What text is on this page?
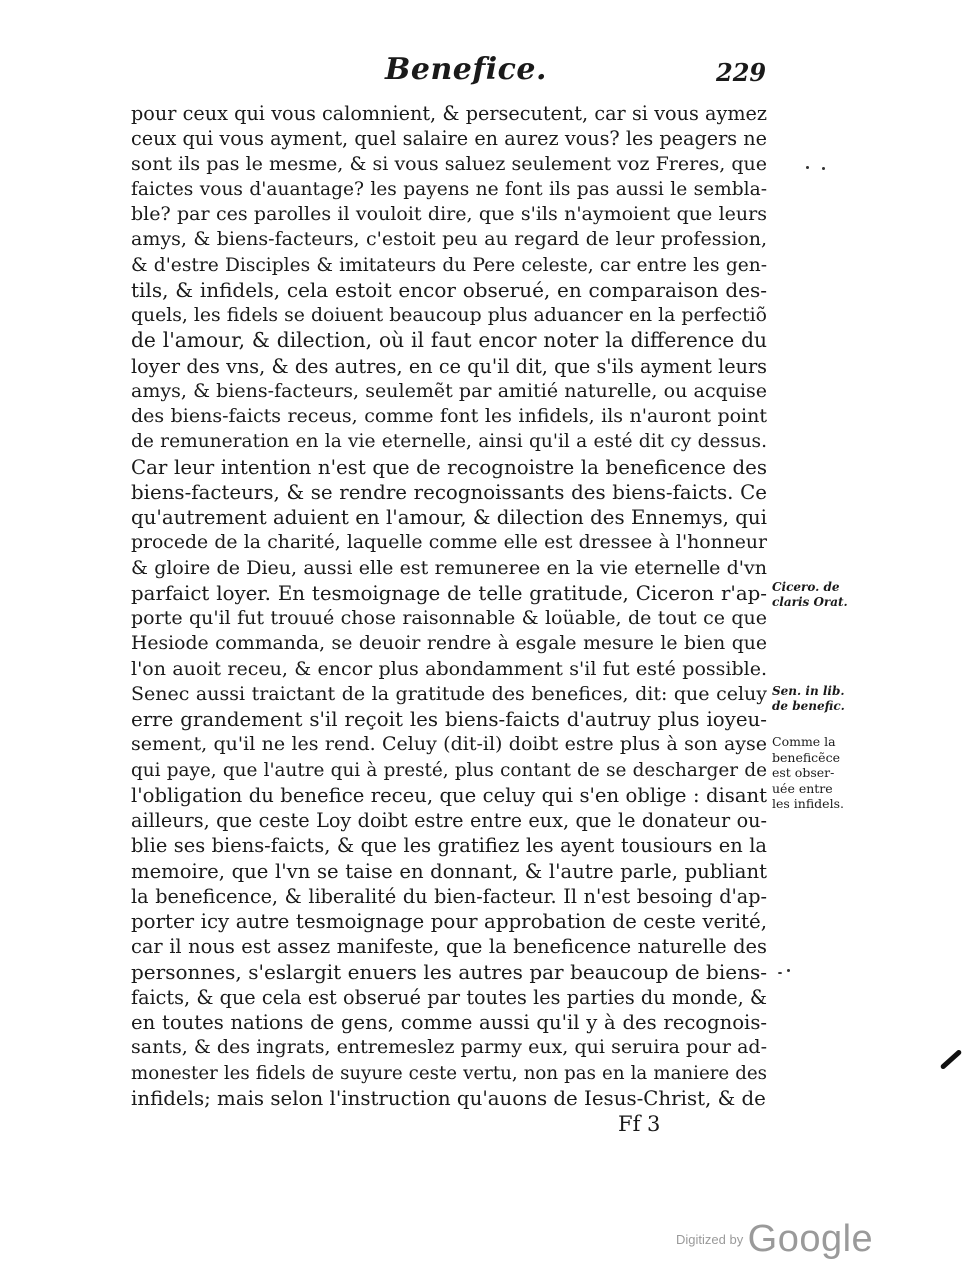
Benefice.	229
pour ceux qui vous calomnient, & persecutent, car si vous aymez
ceux qui vous ayment, quel salaire en aurez vous? les peagers ne
sont ils pas le mesme, & si vous saluez seulement voz Freres, que
faictes vous d'auantage? les payens ne font ils pas aussi le sembla-
ble? par ces parolles il vouloit dire, que s'ils n'aymoient que leurs
amys, & biens-facteurs, c'estoit peu au regard de leur profession,
& d'estre Disciples & imitateurs du Pere celeste, car entre les gen-
tils, & infidels, cela estoit encor obserué, en comparaison des-
quels, les fidels se doiuent beaucoup plus aduancer en la perfectiõ
de l'amour, & dilection, où il faut encor noter la difference du
loyer des vns, & des autres, en ce qu'il dit, que s'ils ayment leurs
amys, & biens-facteurs, seulemẽt par amitié naturelle, ou acquise
des biens-faicts receus, comme font les infidels, ils n'auront point
de remuneration en la vie eternelle, ainsi qu'il a esté dit cy dessus.
Car leur intention n'est que de recognoistre la beneficence des
biens-facteurs, & se rendre recognoissants des biens-faicts. Ce
qu'autrement aduient en l'amour, & dilection des Ennemys, qui
procede de la charité, laquelle comme elle est dressee à l'honneur
& gloire de Dieu, aussi elle est remuneree en la vie eternelle d'vn
parfaict loyer. En tesmoignage de telle gratitude, Ciceron r'ap-
porte qu'il fut trouué chose raisonnable & loüable, de tout ce que
Hesiode commanda, se deuoir rendre à esgale mesure le bien que
l'on auoit receu, & encor plus abondamment s'il fut esté possible.
Senec aussi traictant de la gratitude des benefices, dit: que celuy
erre grandement s'il reçoit les biens-faicts d'autruy plus ioyeu-
sement, qu'il ne les rend. Celuy (dit-il) doibt estre plus à son ayse
qui paye, que l'autre qui à presté, plus contant de se descharger de
l'obligation du benefice receu, que celuy qui s'en oblige : disant
ailleurs, que ceste Loy doibt estre entre eux, que le donateur ou-
blie ses biens-faicts, & que les gratifiez les ayent tousiours en la
memoire, que l'vn se taise en donnant, & l'autre parle, publiant
la beneficence, & liberalité du bien-facteur. Il n'est besoing d'ap-
porter icy autre tesmoignage pour approbation de ceste verité,
car il nous est assez manifeste, que la beneficence naturelle des
personnes, s'eslargit enuers les autres par beaucoup de biens-
faicts, & que cela est obserué par toutes les parties du monde, &
en toutes nations de gens, comme aussi qu'il y à des recognois-
sants, & des ingrats, entremeslez parmy eux, qui seruira pour ad-
monester les fidels de suyure ceste vertu, non pas en la maniere des
infidels; mais selon l'instruction qu'auons de Iesus-Christ, & de
Cicero. de
claris Orat.
Sen. in lib.
de benefic.
Comme la
beneficẽce
est obser-
uée entre
les infidels.
Ff 3
Digitized by Google
